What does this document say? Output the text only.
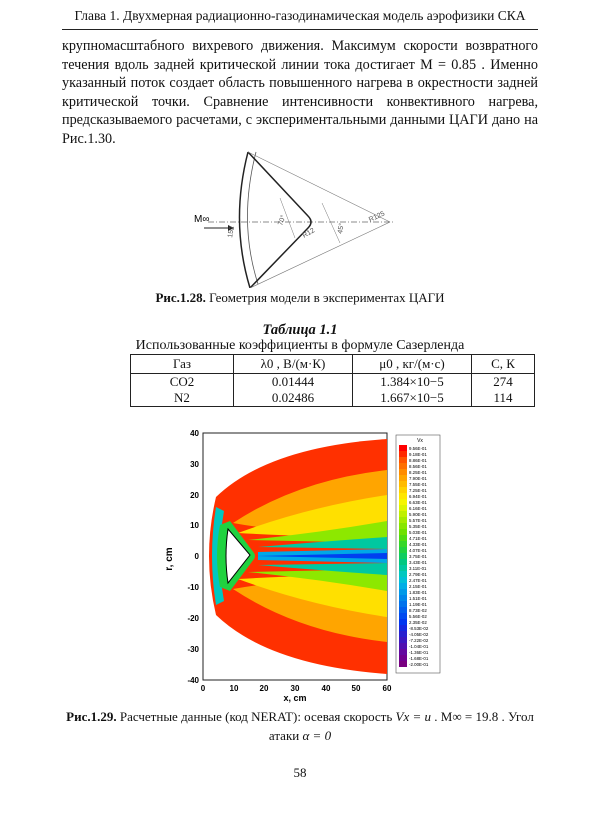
Глава 1. Двухмерная радиационно-газодинамическая модель аэрофизики СКА

крупномасштабного вихревого движения. Максимум скорости возвратного течения вдоль задней критической линии тока достигает M = 0.85 . Именно указанный поток создает область повышенного нагрева в окрестности задней критической точки. Сравнение интенсивности конвективного нагрева, предсказываемого расчетами, с экспериментальными данными ЦАГИ дано на Рис.1.30.

M∞
152
70°
R12	45°
R125
Рис.1.28. Геометрия модели в экспериментах ЦАГИ
Таблица 1.1
Использованные коэффициенты в формуле Сазерленда
Газ	λ0 , В/(м·К)	μ0 , кг/(м·с)	С, К
CO2	0.01444	1.384×10−5	274
N2	0.02486	1.667×10−5	114
40
30
20
10
0
-10
-20
-30
-40
r, cm
0	10	20	30	40	50	60
x, cm
Vx
9.56E-01
9.18E-01
8.86E-01
8.56E-01
8.25E-01
7.90E-01
7.55E-01
7.25E-01
6.94E-01
6.63E-01
6.16E-01
5.90E-01
5.57E-01
5.35E-01
5.03E-01
4.71E-01
4.33E-01
4.07E-01
3.75E-01
3.43E-01
3.11E-01
2.79E-01
2.47E-01
2.15E-01
1.83E-01
1.51E-01
1.19E-01
8.73E-02
5.56E-02
2.35E-02
-8.53E-02
-4.05E-02
-7.22E-02
-1.04E-01
-1.36E-01
-1.68E-01
-2.00E-01
Рис.1.29. Расчетные данные (код NERAT): осевая скорость Vx = u . M∞ = 19.8 . Угол атаки α = 0
58
